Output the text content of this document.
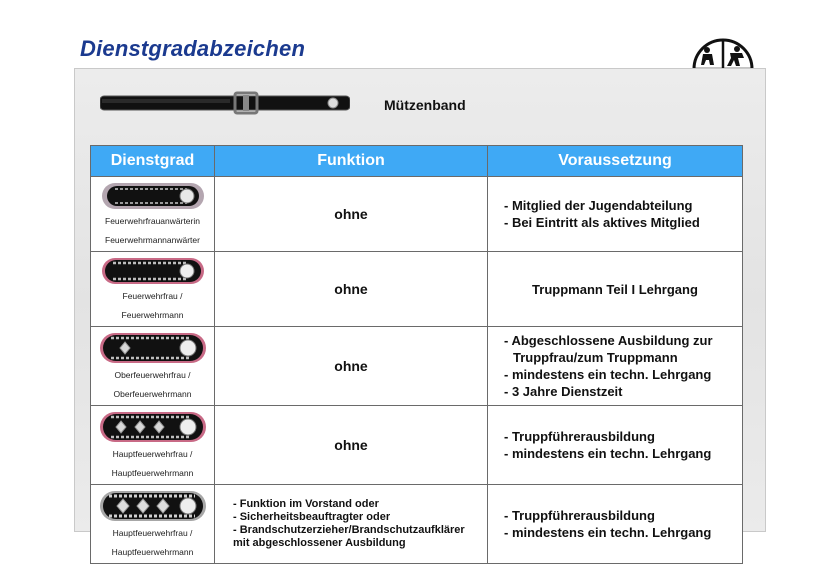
Dienstgradabzeichen
Mützenband
Dienstgrad	Funktion	Voraussetzung

Feuerwehrfrauanwärterin
Feuerwehrmannanwärter	ohne	- Mitglied der Jugendabteilung
- Bei Eintritt als aktives Mitglied

Feuerwehrfrau /
Feuerwehrmann	ohne	Truppmann Teil I Lehrgang

Oberfeuerwehrfrau /
Oberfeuerwehrmann	ohne	- Abgeschlossene Ausbildung zur
Truppfrau/zum Truppmann
- mindestens ein techn. Lehrgang
- 3 Jahre Dienstzeit

Hauptfeuerwehrfrau /
Hauptfeuerwehrmann	ohne	- Truppführerausbildung
- mindestens ein techn. Lehrgang

Hauptfeuerwehrfrau /
Hauptfeuerwehrmann	- Funktion im Vorstand oder
- Sicherheitsbeauftragter oder
- Brandschutzerzieher/Brandschutzaufklärer
mit abgeschlossener Ausbildung	- Truppführerausbildung
- mindestens ein techn. Lehrgang
